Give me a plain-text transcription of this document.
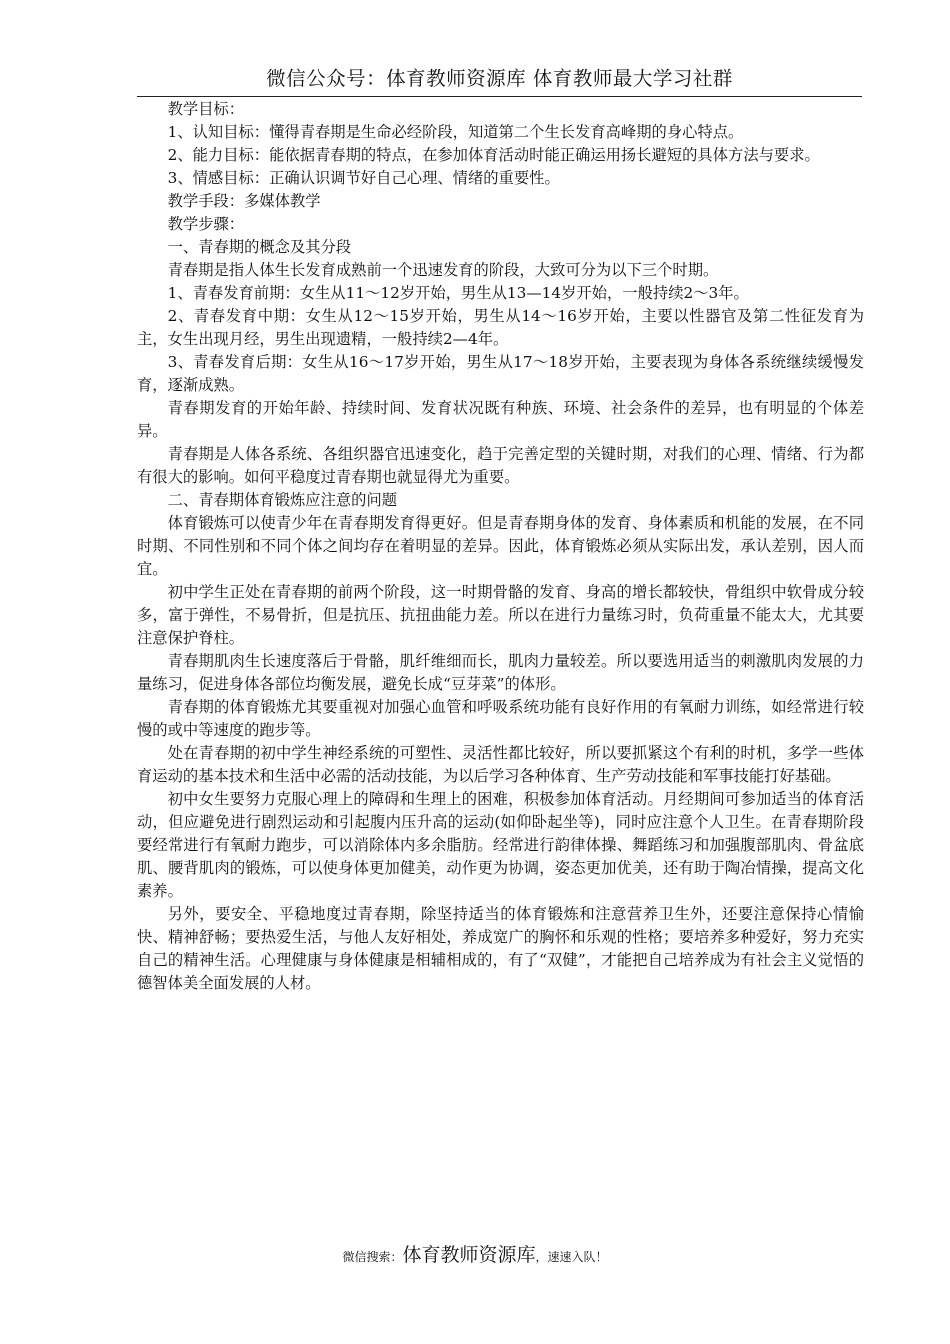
微信公众号：体育教师资源库 体育教师最大学习社群

教学目标：

1、认知目标：懂得青春期是生命必经阶段，知道第二个生长发育高峰期的身心特点。

2、能力目标：能依据青春期的特点，在参加体育活动时能正确运用扬长避短的具体方法与要求。

3、情感目标：正确认识调节好自己心理、情绪的重要性。

教学手段：多媒体教学

教学步骤：

一、青春期的概念及其分段

青春期是指人体生长发育成熟前一个迅速发育的阶段，大致可分为以下三个时期。

1、青春发育前期：女生从11～12岁开始，男生从13—14岁开始，一般持续2～3年。

2、青春发育中期：女生从12～15岁开始，男生从14～16岁开始，主要以性器官及第二性征发育为主，女生出现月经，男生出现遗精，一般持续2—4年。

3、青春发育后期：女生从16～17岁开始，男生从17～18岁开始，主要表现为身体各系统继续缓慢发育，逐渐成熟。

青春期发育的开始年龄、持续时间、发育状况既有种族、环境、社会条件的差异，也有明显的个体差异。

青春期是人体各系统、各组织器官迅速变化，趋于完善定型的关键时期，对我们的心理、情绪、行为都有很大的影响。如何平稳度过青春期也就显得尤为重要。

二、青春期体育锻炼应注意的问题

体育锻炼可以使青少年在青春期发育得更好。但是青春期身体的发育、身体素质和机能的发展，在不同时期、不同性别和不同个体之间均存在着明显的差异。因此，体育锻炼必须从实际出发，承认差别，因人而宜。

初中学生正处在青春期的前两个阶段，这一时期骨骼的发育、身高的增长都较快，骨组织中软骨成分较多，富于弹性，不易骨折，但是抗压、抗扭曲能力差。所以在进行力量练习时，负荷重量不能太大，尤其要注意保护脊柱。

青春期肌肉生长速度落后于骨骼，肌纤维细而长，肌肉力量较差。所以要选用适当的刺激肌肉发展的力量练习，促进身体各部位均衡发展，避免长成“豆芽菜”的体形。

青春期的体育锻炼尤其要重视对加强心血管和呼吸系统功能有良好作用的有氧耐力训练，如经常进行较慢的或中等速度的跑步等。

处在青春期的初中学生神经系统的可塑性、灵活性都比较好，所以要抓紧这个有利的时机，多学一些体育运动的基本技术和生活中必需的活动技能，为以后学习各种体育、生产劳动技能和军事技能打好基础。

初中女生要努力克服心理上的障碍和生理上的困难，积极参加体育活动。月经期间可参加适当的体育活动，但应避免进行剧烈运动和引起腹内压升高的运动(如仰卧起坐等)，同时应注意个人卫生。在青春期阶段要经常进行有氧耐力跑步，可以消除体内多余脂肪。经常进行韵律体操、舞蹈练习和加强腹部肌肉、骨盆底肌、腰背肌肉的锻炼，可以使身体更加健美，动作更为协调，姿态更加优美，还有助于陶冶情操，提高文化素养。

另外，要安全、平稳地度过青春期，除坚持适当的体育锻炼和注意营养卫生外，还要注意保持心情愉快、精神舒畅；要热爱生活，与他人友好相处，养成宽广的胸怀和乐观的性格；要培养多种爱好，努力充实自己的精神生活。心理健康与身体健康是相辅相成的，有了“双健”，才能把自己培养成为有社会主义觉悟的德智体美全面发展的人材。

微信搜索：体育教师资源库，速速入队！
